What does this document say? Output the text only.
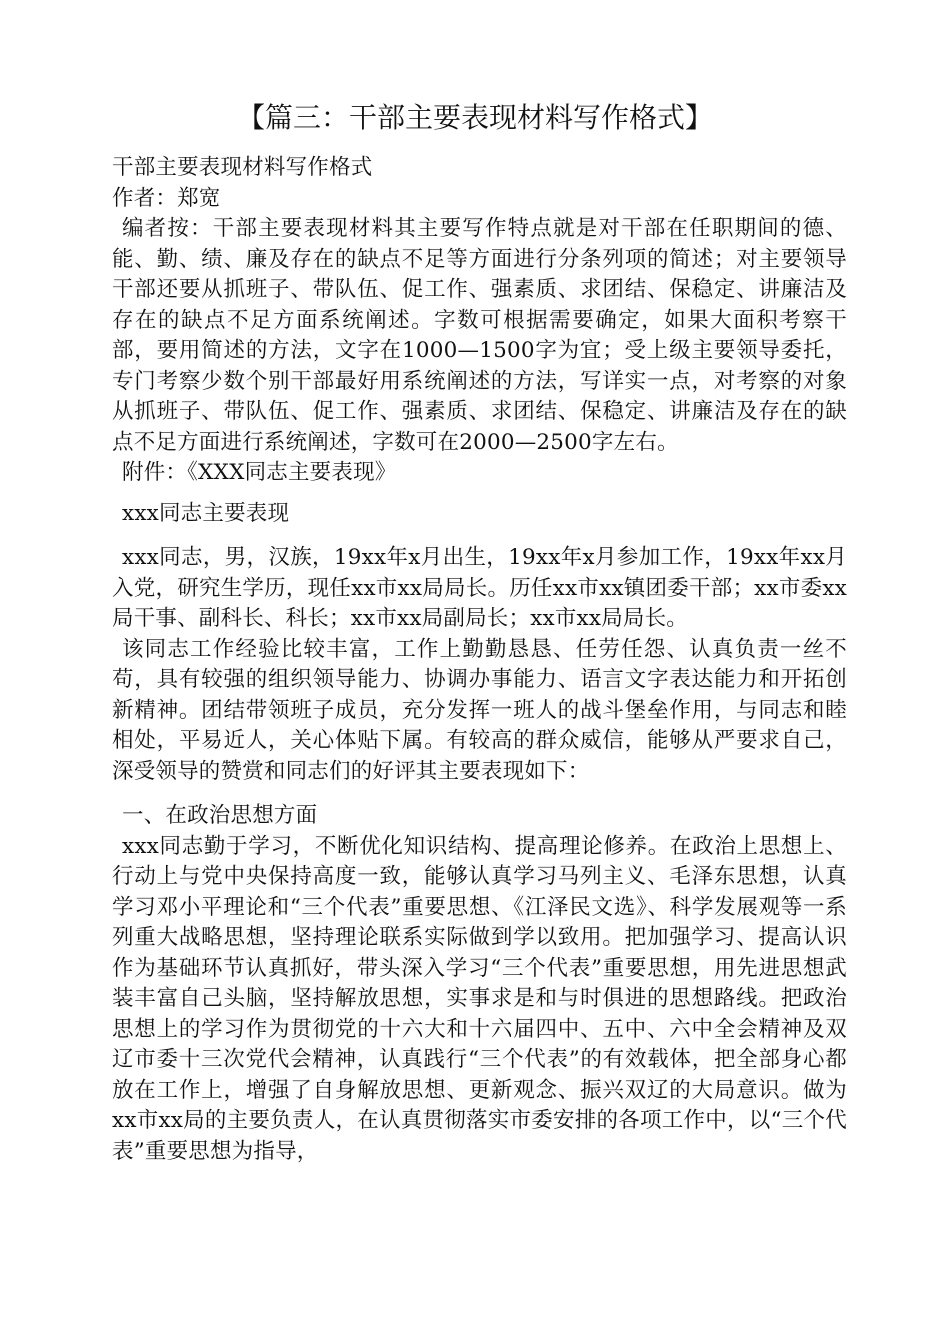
【篇三：干部主要表现材料写作格式】

干部主要表现材料写作格式

作者：郑宽

编者按：干部主要表现材料其主要写作特点就是对干部在任职期间的德、能、勤、绩、廉及存在的缺点不足等方面进行分条列项的简述；对主要领导干部还要从抓班子、带队伍、促工作、强素质、求团结、保稳定、讲廉洁及存在的缺点不足方面系统阐述。字数可根据需要确定，如果大面积考察干部，要用简述的方法，文字在1000—1500字为宜；受上级主要领导委托，专门考察少数个别干部最好用系统阐述的方法，写详实一点，对考察的对象从抓班子、带队伍、促工作、强素质、求团结、保稳定、讲廉洁及存在的缺点不足方面进行系统阐述，字数可在2000—2500字左右。

附件：《XXX同志主要表现》

xxx同志主要表现

xxx同志，男，汉族，19xx年x月出生，19xx年x月参加工作，19xx年xx月入党，研究生学历，现任xx市xx局局长。历任xx市xx镇团委干部；xx市委xx局干事、副科长、科长；xx市xx局副局长；xx市xx局局长。

该同志工作经验比较丰富，工作上勤勤恳恳、任劳任怨、认真负责一丝不苟，具有较强的组织领导能力、协调办事能力、语言文字表达能力和开拓创新精神。团结带领班子成员，充分发挥一班人的战斗堡垒作用，与同志和睦相处，平易近人，关心体贴下属。有较高的群众威信，能够从严要求自己，深受领导的赞赏和同志们的好评其主要表现如下：

一、在政治思想方面

xxx同志勤于学习，不断优化知识结构、提高理论修养。在政治上思想上、行动上与党中央保持高度一致，能够认真学习马列主义、毛泽东思想，认真学习邓小平理论和“三个代表”重要思想、《江泽民文选》、科学发展观等一系列重大战略思想，坚持理论联系实际做到学以致用。把加强学习、提高认识作为基础环节认真抓好，带头深入学习“三个代表”重要思想，用先进思想武装丰富自己头脑，坚持解放思想，实事求是和与时俱进的思想路线。把政治思想上的学习作为贯彻党的十六大和十六届四中、五中、六中全会精神及双辽市委十三次党代会精神，认真践行“三个代表”的有效载体，把全部身心都放在工作上，增强了自身解放思想、更新观念、振兴双辽的大局意识。做为xx市xx局的主要负责人，在认真贯彻落实市委安排的各项工作中，以“三个代表”重要思想为指导，
